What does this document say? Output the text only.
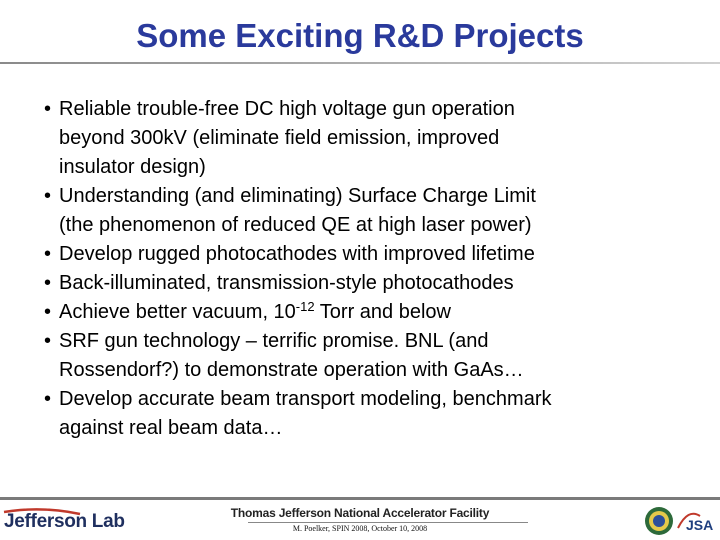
Some Exciting R&D Projects
• Reliable trouble-free DC high voltage gun operation
beyond 300kV (eliminate field emission, improved
insulator design)
• Understanding (and eliminating) Surface Charge Limit
(the phenomenon of reduced QE at high laser power)
• Develop rugged photocathodes with improved lifetime
• Back-illuminated, transmission-style photocathodes
• Achieve better vacuum, $10^{-12}$ Torr and below
• SRF gun technology – terrific promise. BNL (and
Rossendorf?) to demonstrate operation with GaAs…
• Develop accurate beam transport modeling, benchmark
against real beam data…
Jefferson Lab	Thomas Jefferson National Accelerator Facility
M. Poelker, SPIN 2008, October 10, 2008	JSA
